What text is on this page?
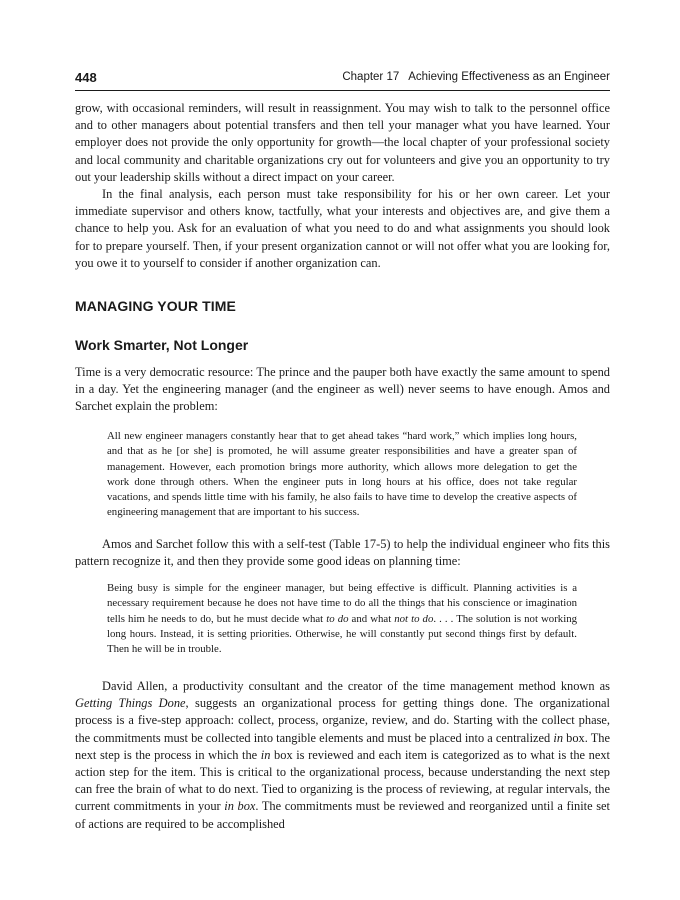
448	Chapter 17   Achieving Effectiveness as an Engineer

grow, with occasional reminders, will result in reassignment. You may wish to talk to the personnel office and to other managers about potential transfers and then tell your manager what you have learned. Your employer does not provide the only opportunity for growth—the local chapter of your professional society and local community and charitable organizations cry out for volunteers and give you an opportunity to try out your leadership skills without a direct impact on your career.

In the final analysis, each person must take responsibility for his or her own career. Let your immediate supervisor and others know, tactfully, what your interests and objectives are, and give them a chance to help you. Ask for an evaluation of what you need to do and what assignments you should look for to prepare yourself. Then, if your present organization cannot or will not offer what you are looking for, you owe it to yourself to consider if another organization can.

MANAGING YOUR TIME
Work Smarter, Not Longer

Time is a very democratic resource: The prince and the pauper both have exactly the same amount to spend in a day. Yet the engineering manager (and the engineer as well) never seems to have enough. Amos and Sarchet explain the problem:

All new engineer managers constantly hear that to get ahead takes “hard work,” which implies long hours, and that as he [or she] is promoted, he will assume greater responsibilities and have a greater span of management. However, each promotion brings more authority, which allows more delegation to get the work done through others. When the engineer puts in long hours at his office, does not take regular vacations, and spends little time with his family, he also fails to have time to develop the creative aspects of engineering management that are important to his success.

Amos and Sarchet follow this with a self-test (Table 17-5) to help the individual engineer who fits this pattern recognize it, and then they provide some good ideas on planning time:

Being busy is simple for the engineer manager, but being effective is difficult. Planning activities is a necessary requirement because he does not have time to do all the things that his conscience or imagination tells him he needs to do, but he must decide what to do and what not to do. . . . The solution is not working long hours. Instead, it is setting priorities. Otherwise, he will constantly put second things first by default. Then he will be in trouble.

David Allen, a productivity consultant and the creator of the time management method known as Getting Things Done, suggests an organizational process for getting things done. The organizational process is a five-step approach: collect, process, organize, review, and do. Starting with the collect phase, the commitments must be collected into tangible elements and must be placed into a centralized in box. The next step is the process in which the in box is reviewed and each item is categorized as to what is the next action step for the item. This is critical to the organizational process, because understanding the next step can free the brain of what to do next. Tied to organizing is the process of reviewing, at regular intervals, the current commitments in your in box. The commitments must be reviewed and reorganized until a finite set of actions are required to be accomplished
